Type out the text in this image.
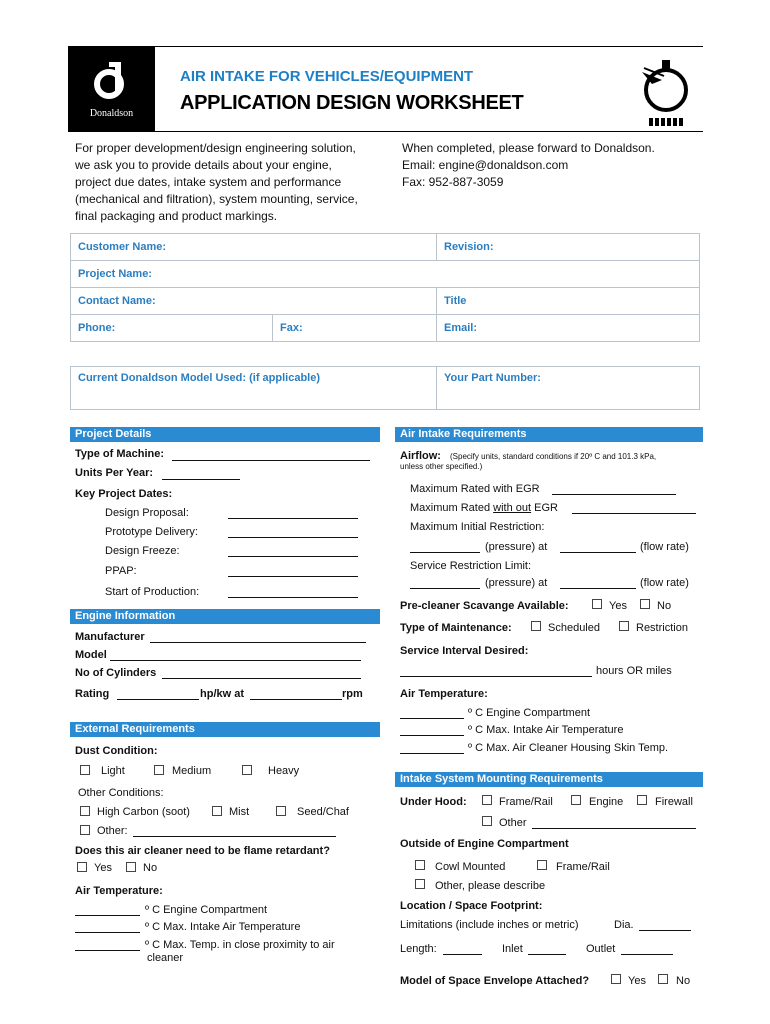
Donaldson
AIR INTAKE FOR VEHICLES/EQUIPMENT
APPLICATION DESIGN WORKSHEET
For proper development/design engineering solution,
we ask you to provide details about your engine,
project due dates, intake system and performance
(mechanical and filtration), system mounting, service,
final packaging and product markings.
When completed, please forward to Donaldson.
Email: engine@donaldson.com
Fax: 952-887-3059
Customer Name:	Revision:
Project Name:
Contact Name:	Title
Phone:	Fax:	Email:
Current Donaldson Model Used: (if applicable)	Your Part Number:
Project Details
Type of Machine:
Units Per Year:
Key Project Dates:
Design Proposal:
Prototype Delivery:
Design Freeze:
PPAP:
Start of Production:
Engine Information
Manufacturer
Model
No of Cylinders
Rating	hp/kw at	rpm
External Requirements
Dust Condition:
Light	Medium	Heavy
Other Conditions:
High Carbon (soot)	Mist	Seed/Chaf
Other:
Does this air cleaner need to be flame retardant?
Yes	No
Air Temperature:
º C Engine Compartment
º C Max. Intake Air Temperature
º C Max. Temp. in close proximity to air
cleaner
Air Intake Requirements
Airflow: (Specify units, standard conditions if 20º C and 101.3 kPa,
unless other specified.)
Maximum Rated with EGR
Maximum Rated with out EGR
Maximum Initial Restriction:
(pressure) at	(flow rate)
Service Restriction Limit:
(pressure) at	(flow rate)
Pre-cleaner Scavange Available:	Yes	No
Type of Maintenance:	Scheduled	Restriction
Service Interval Desired:
hours OR miles
Air Temperature:
º C Engine Compartment
º C Max. Intake Air Temperature
º C Max. Air Cleaner Housing Skin Temp.
Intake System Mounting Requirements
Under Hood:	Frame/Rail	Engine	Firewall
Other
Outside of Engine Compartment
Cowl Mounted	Frame/Rail
Other, please describe
Location / Space Footprint:
Limitations (include inches or metric)	Dia.
Length:	Inlet	Outlet
Model of Space Envelope Attached?	Yes	No
